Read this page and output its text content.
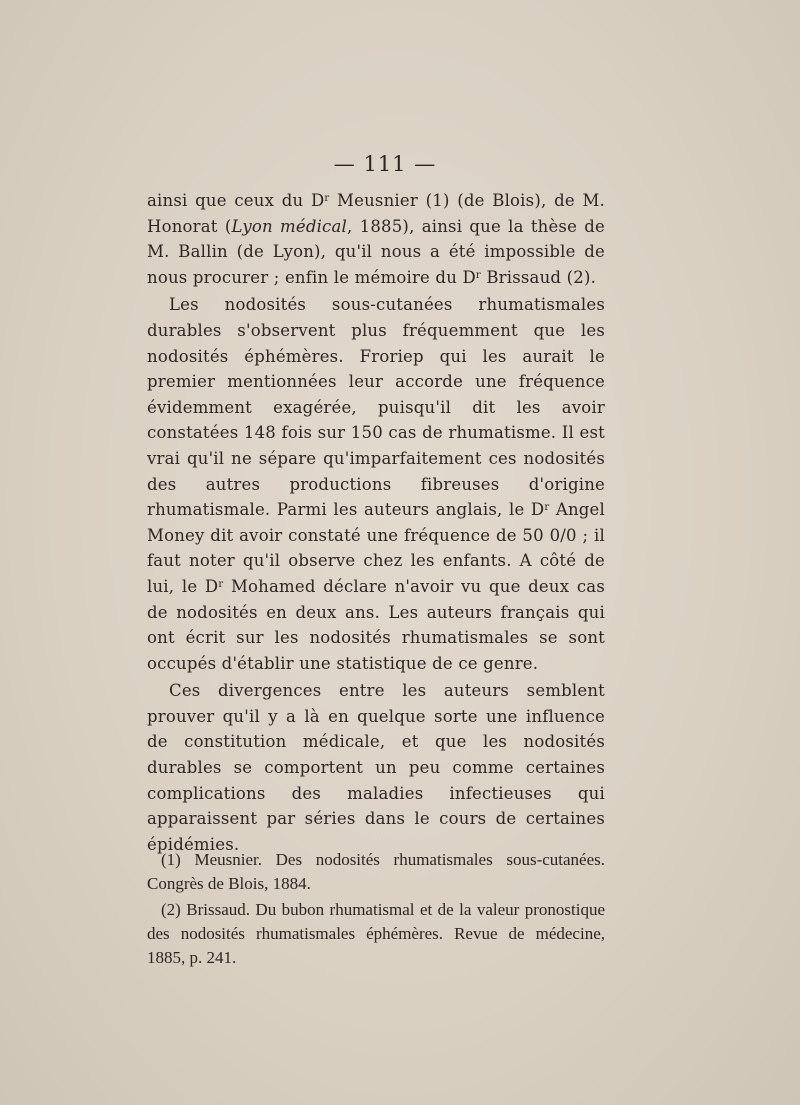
— 111 —

ainsi que ceux du $D^r$ Meusnier (1) (de Blois), de M. Honorat (Lyon médical, 1885), ainsi que la thèse de M. Ballin (de Lyon), qu'il nous a été impossible de nous procurer ; enfin le mémoire du $D^r$ Brissaud (2).

Les nodosités sous-cutanées rhumatismales durables s'observent plus fréquemment que les nodosités éphémères. Froriep qui les aurait le premier mentionnées leur accorde une fréquence évidemment exagérée, puisqu'il dit les avoir constatées 148 fois sur 150 cas de rhumatisme. Il est vrai qu'il ne sépare qu'imparfaitement ces nodosités des autres productions fibreuses d'origine rhumatismale. Parmi les auteurs anglais, le $D^r$ Angel Money dit avoir constaté une fréquence de 50 0/0 ; il faut noter qu'il observe chez les enfants. A côté de lui, le $D^r$ Mohamed déclare n'avoir vu que deux cas de nodosités en deux ans. Les auteurs français qui ont écrit sur les nodosités rhumatismales se sont occupés d'établir une statistique de ce genre.

Ces divergences entre les auteurs semblent prouver qu'il y a là en quelque sorte une influence de constitution médicale, et que les nodosités durables se comportent un peu comme certaines complications des maladies infectieuses qui apparaissent par séries dans le cours de certaines épidémies.

(1) Meusnier. Des nodosités rhumatismales sous-cutanées. Congrès de Blois, 1884.

(2) Brissaud. Du bubon rhumatismal et de la valeur pronostique des nodosités rhumatismales éphémères. Revue de médecine, 1885, p. 241.
